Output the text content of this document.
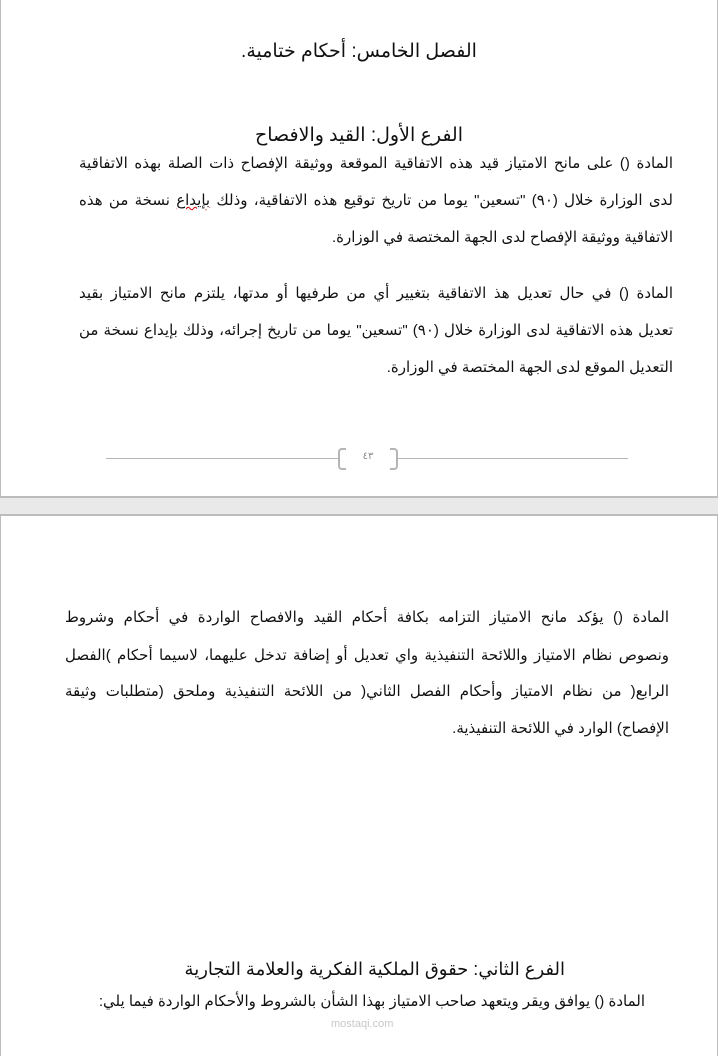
الفصل الخامس: أحكام ختامية.
الفرع الأول: القيد والافصاح
المادة () على مانح الامتياز قيد هذه الاتفاقية الموقعة ووثيقة الإفصاح ذات الصلة بهذه الاتفاقية
لدى الوزارة خلال (٩٠) "تسعين" يوما من تاريخ توقيع هذه الاتفاقية، وذلك بإيداع نسخة من هذه
الاتفاقية ووثيقة الإفصاح لدى الجهة المختصة في الوزارة.
المادة () في حال تعديل هذ الاتفاقية بتغيير أي من طرفيها أو مدتها، يلتزم مانح الامتياز بقيد
تعديل هذه الاتفاقية لدى الوزارة خلال (٩٠) "تسعين" يوما من تاريخ إجرائه، وذلك بإيداع نسخة من
التعديل الموقع لدى الجهة المختصة في الوزارة.
٤٣
المادة () يؤكد مانح الامتياز التزامه بكافة أحكام القيد والافصاح الواردة في أحكام وشروط
ونصوص نظام الامتياز واللائحة التنفيذية واي تعديل أو إضافة تدخل عليهما، لاسيما أحكام )الفصل
الرابع( من نظام الامتياز وأحكام الفصل الثاني( من اللائحة التنفيذية وملحق (متطلبات وثيقة
الإفصاح) الوارد في اللائحة التنفيذية.
الفرع الثاني: حقوق الملكية الفكرية والعلامة التجارية
المادة () يوافق ويقر ويتعهد صاحب الامتياز بهذا الشأن بالشروط والأحكام الواردة فيما يلي:
mostaqi.com
